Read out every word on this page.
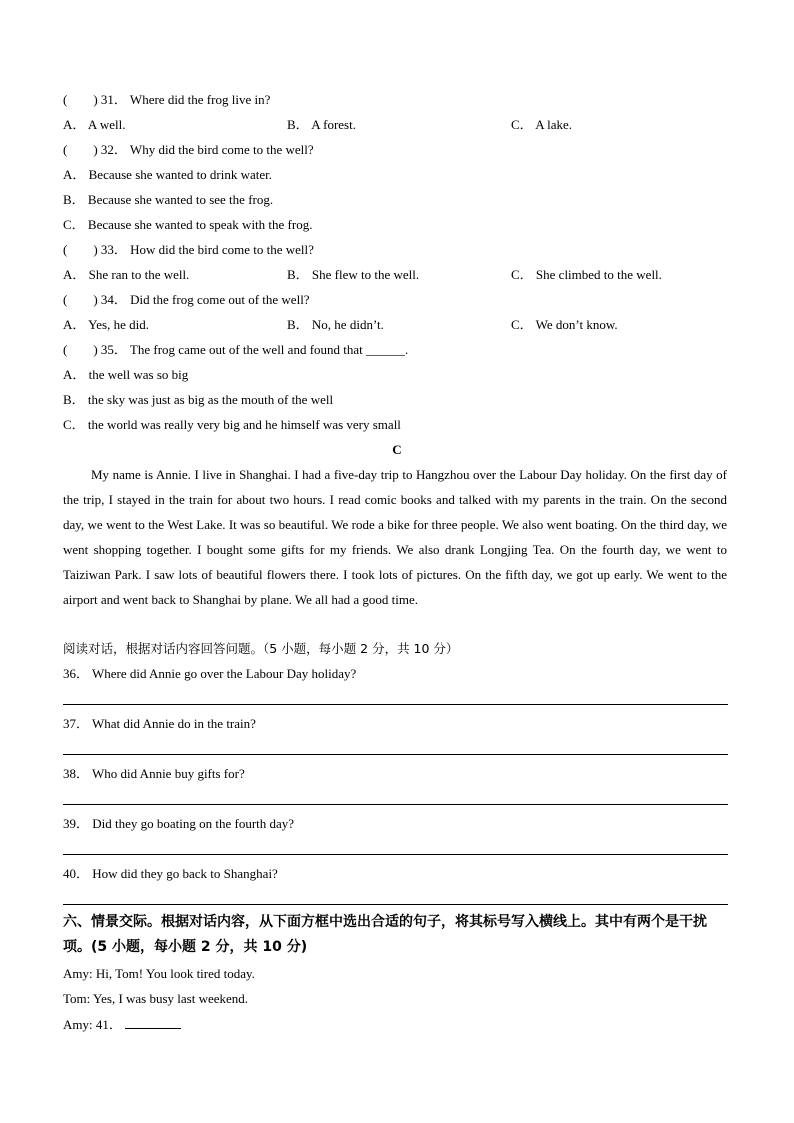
(　　) 31． Where did the frog live in?
A． A well.	B． A forest.	C． A lake.
(　　) 32． Why did the bird come to the well?
A． Because she wanted to drink water.
B． Because she wanted to see the frog.
C． Because she wanted to speak with the frog.
(　　) 33． How did the bird come to the well?
A． She ran to the well.	B． She flew to the well.	C． She climbed to the well.
(　　) 34． Did the frog come out of the well?
A． Yes, he did.	B． No, he didn’t.	C． We don’t know.
(　　) 35． The frog came out of the well and found that ______.
A． the well was so big
B． the sky was just as big as the mouth of the well
C． the world was really very big and he himself was very small
C

My name is Annie. I live in Shanghai. I had a five-day trip to Hangzhou over the Labour Day holiday. On the first day of the trip, I stayed in the train for about two hours. I read comic books and talked with my parents in the train. On the second day, we went to the West Lake. It was so beautiful. We rode a bike for three people. We also went boating. On the third day, we went shopping together. I bought some gifts for my friends. We also drank Longjing Tea. On the fourth day, we went to Taiziwan Park. I saw lots of beautiful flowers there. I took lots of pictures. On the fifth day, we got up early. We went to the airport and went back to Shanghai by plane. We all had a good time.

阅读对话，根据对话内容回答问题。（5 小题，每小题 2 分，共 10 分）
36． Where did Annie go over the Labour Day holiday?
37． What did Annie do in the train?
38． Who did Annie buy gifts for?
39． Did they go boating on the fourth day?
40． How did they go back to Shanghai?

六、情景交际。根据对话内容，从下面方框中选出合适的句子，将其标号写入横线上。其中有两个是干扰项。(5 小题，每小题 2 分，共 10 分)

Amy: Hi, Tom! You look tired today.
Tom: Yes, I was busy last weekend.
Amy: 41．
